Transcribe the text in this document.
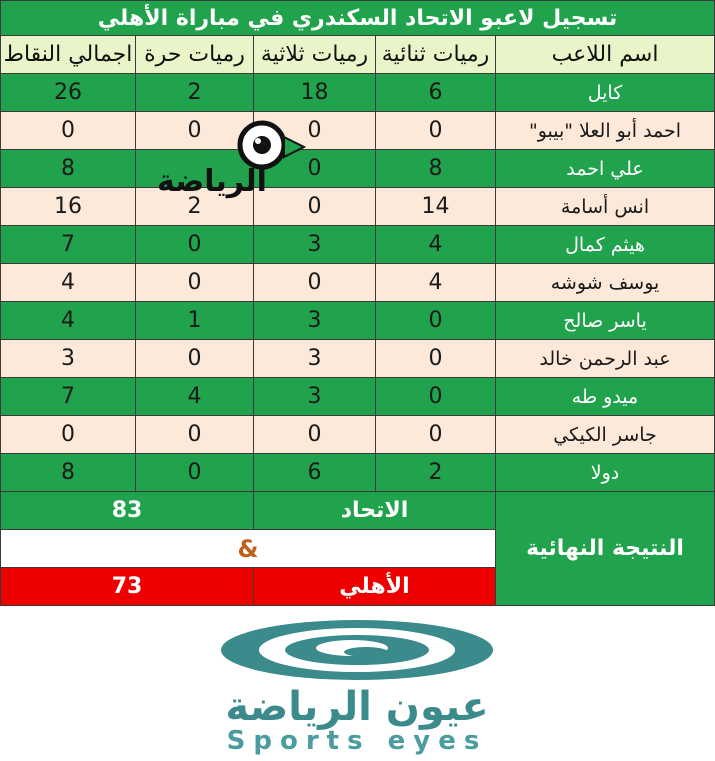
تسجيل لاعبو الاتحاد السكندري في مباراة الأهلي				
اسم اللاعب	رميات ثنائية	رميات ثلاثية	رميات حرة	اجمالي النقاط
كايل	6	18	2	26
احمد أبو العلا "بيبو"	0	0	0	0
علي احمد	8	0		8
انس أسامة	14	0	2	16
هيثم كمال	4	3	0	7
يوسف شوشه	4	0	0	4
ياسر صالح	0	3	1	4
عبد الرحمن خالد	0	3	0	3
ميدو طه	0	3	4	7
جاسر الكيكي	0	0	0	0
دولا	2	6	0	8
النتيجة النهائية	الاتحاد		83	
	&			
	الأهلي		73	
الرياضة
عيون الرياضة
Sports eyes
